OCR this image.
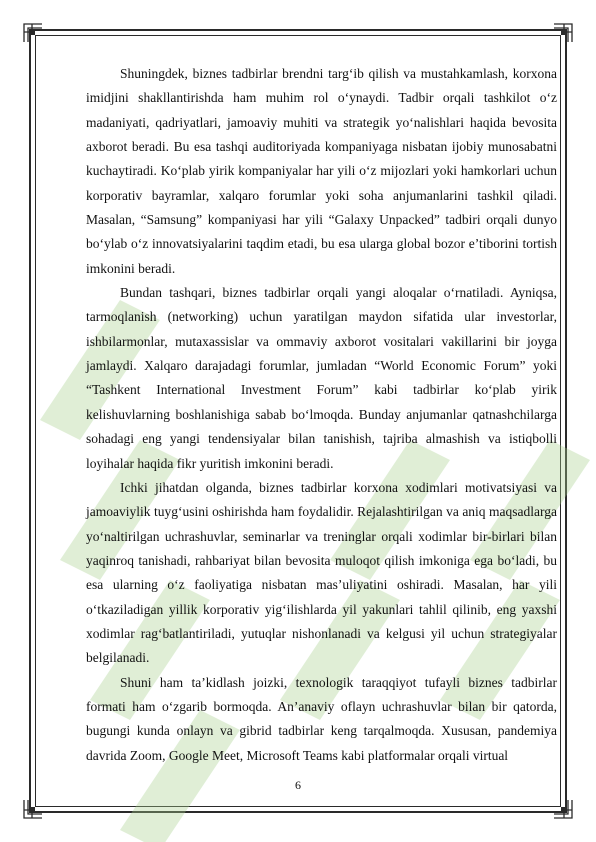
Shuningdek, biznes tadbirlar brendni targ‘ib qilish va mustahkamlash, korxona imidjini shakllantirishda ham muhim rol o‘ynaydi. Tadbir orqali tashkilot o‘z madaniyati, qadriyatlari, jamoaviy muhiti va strategik yo‘nalishlari haqida bevosita axborot beradi. Bu esa tashqi auditoriyada kompaniyaga nisbatan ijobiy munosabatni kuchaytiradi. Ko‘plab yirik kompaniyalar har yili o‘z mijozlari yoki hamkorlari uchun korporativ bayramlar, xalqaro forumlar yoki soha anjumanlarini tashkil qiladi. Masalan, “Samsung” kompaniyasi har yili “Galaxy Unpacked” tadbiri orqali dunyo bo‘ylab o‘z innovatsiyalarini taqdim etadi, bu esa ularga global bozor e’tiborini tortish imkonini beradi.

Bundan tashqari, biznes tadbirlar orqali yangi aloqalar o‘rnatiladi. Ayniqsa, tarmoqlanish (networking) uchun yaratilgan maydon sifatida ular investorlar, ishbilarmonlar, mutaxassislar va ommaviy axborot vositalari vakillarini bir joyga jamlaydi. Xalqaro darajadagi forumlar, jumladan “World Economic Forum” yoki “Tashkent International Investment Forum” kabi tadbirlar ko‘plab yirik kelishuvlarning boshlanishiga sabab bo‘lmoqda. Bunday anjumanlar qatnashchilarga sohadagi eng yangi tendensiyalar bilan tanishish, tajriba almashish va istiqbolli loyihalar haqida fikr yuritish imkonini beradi.

Ichki jihatdan olganda, biznes tadbirlar korxona xodimlari motivatsiyasi va jamoaviylik tuyg‘usini oshirishda ham foydalidir. Rejalashtirilgan va aniq maqsadlarga yo‘naltirilgan uchrashuvlar, seminarlar va treninglar orqali xodimlar bir-birlari bilan yaqinroq tanishadi, rahbariyat bilan bevosita muloqot qilish imkoniga ega bo‘ladi, bu esa ularning o‘z faoliyatiga nisbatan mas’uliyatini oshiradi. Masalan, har yili o‘tkaziladigan yillik korporativ yig‘ilishlarda yil yakunlari tahlil qilinib, eng yaxshi xodimlar rag‘batlantiriladi, yutuqlar nishonlanadi va kelgusi yil uchun strategiyalar belgilanadi.

Shuni ham ta’kidlash joizki, texnologik taraqqiyot tufayli biznes tadbirlar formati ham o‘zgarib bormoqda. An’anaviy oflayn uchrashuvlar bilan bir qatorda, bugungi kunda onlayn va gibrid tadbirlar keng tarqalmoqda. Xususan, pandemiya davrida Zoom, Google Meet, Microsoft Teams kabi platformalar orqali virtual

6
